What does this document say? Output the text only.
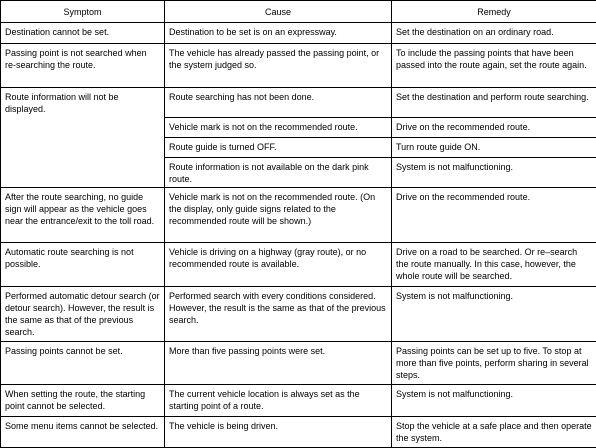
Symptom	Cause	Remedy

Destination cannot be set.	Destination to be set is on an expressway.	Set the destination on an ordinary road.

Passing point is not searched when re-searching the route.	The vehicle has already passed the passing point, or the system judged so.	To include the passing points that have been passed into the route again, set the route again.

Route information will not be displayed.	Route searching has not been done.	Set the destination and perform route searching.

	Vehicle mark is not on the recommended route.	Drive on the recommended route.

	Route guide is turned OFF.	Turn route guide ON.

	Route information is not available on the dark pink route.	System is not malfunctioning.

After the route searching, no guide sign will appear as the vehicle goes near the entrance/exit to the toll road.	Vehicle mark is not on the recommended route. (On the display, only guide signs related to the recommended route will be shown.)	Drive on the recommended route.

Automatic route searching is not possible.	Vehicle is driving on a highway (gray route), or no recommended route is available.	Drive on a road to be searched. Or re–search the route manually. In this case, however, the whole route will be searched.

Performed automatic detour search (or detour search). However, the result is the same as that of the previous search.	Performed search with every conditions considered. However, the result is the same as that of the previous search.	System is not malfunctioning.

Passing points cannot be set.	More than five passing points were set.	Passing points can be set up to five. To stop at more than five points, perform sharing in several steps.

When setting the route, the starting point cannot be selected.	The current vehicle location is always set as the starting point of a route.	System is not malfunctioning.

Some menu items cannot be selected.	The vehicle is being driven.	Stop the vehicle at a safe place and then operate the system.
